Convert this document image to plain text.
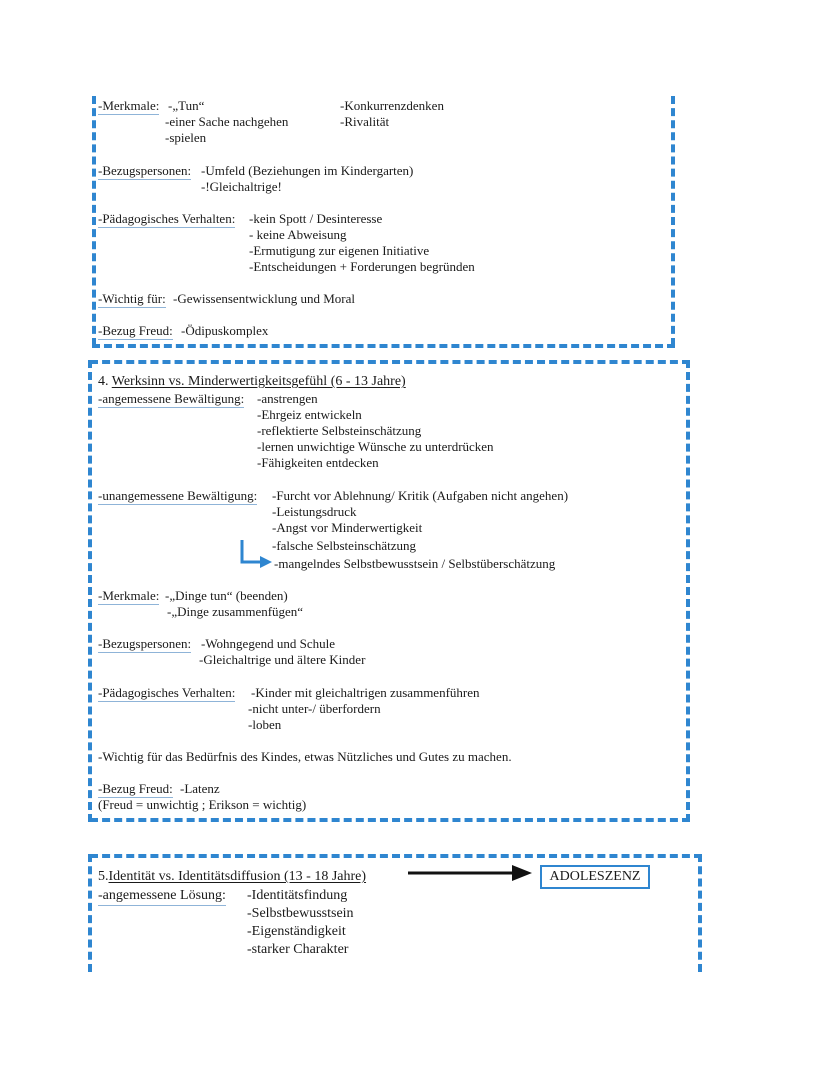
-Merkmale: -„Tun“
-einer Sache nachgehen
-spielen
-Konkurrenzdenken
-Rivalität
-Bezugspersonen: -Umfeld (Beziehungen im Kindergarten)
-!Gleichaltrige!
-Pädagogisches Verhalten: -kein Spott / Desinteresse
- keine Abweisung
-Ermutigung zur eigenen Initiative
-Entscheidungen + Forderungen begründen
-Wichtig für: -Gewissensentwicklung und Moral
-Bezug Freud: -Ödipuskomplex
4. Werksinn vs. Minderwertigkeitsgefühl (6 - 13 Jahre)
-angemessene Bewältigung: -anstrengen
-Ehrgeiz entwickeln
-reflektierte Selbsteinschätzung
-lernen unwichtige Wünsche zu unterdrücken
-Fähigkeiten entdecken
-unangemessene Bewältigung: -Furcht vor Ablehnung/ Kritik (Aufgaben nicht angehen)
-Leistungsdruck
-Angst vor Minderwertigkeit
-falsche Selbsteinschätzung
-mangelndes Selbstbewusstsein / Selbstüberschätzung
-Merkmale: -„Dinge tun“ (beenden)
-„Dinge zusammenfügen“
-Bezugspersonen: -Wohngegend und Schule
-Gleichaltrige und ältere Kinder
-Pädagogisches Verhalten: -Kinder mit gleichaltrigen zusammenführen
-nicht unter-/ überfordern
-loben
-Wichtig für das Bedürfnis des Kindes, etwas Nützliches und Gutes zu machen.
-Bezug Freud: -Latenz
(Freud = unwichtig ; Erikson = wichtig)
5.Identität vs. Identitätsdiffusion (13 - 18 Jahre)	ADOLESZENZ
-angemessene Lösung: -Identitätsfindung
-Selbstbewusstsein
-Eigenständigkeit
-starker Charakter
